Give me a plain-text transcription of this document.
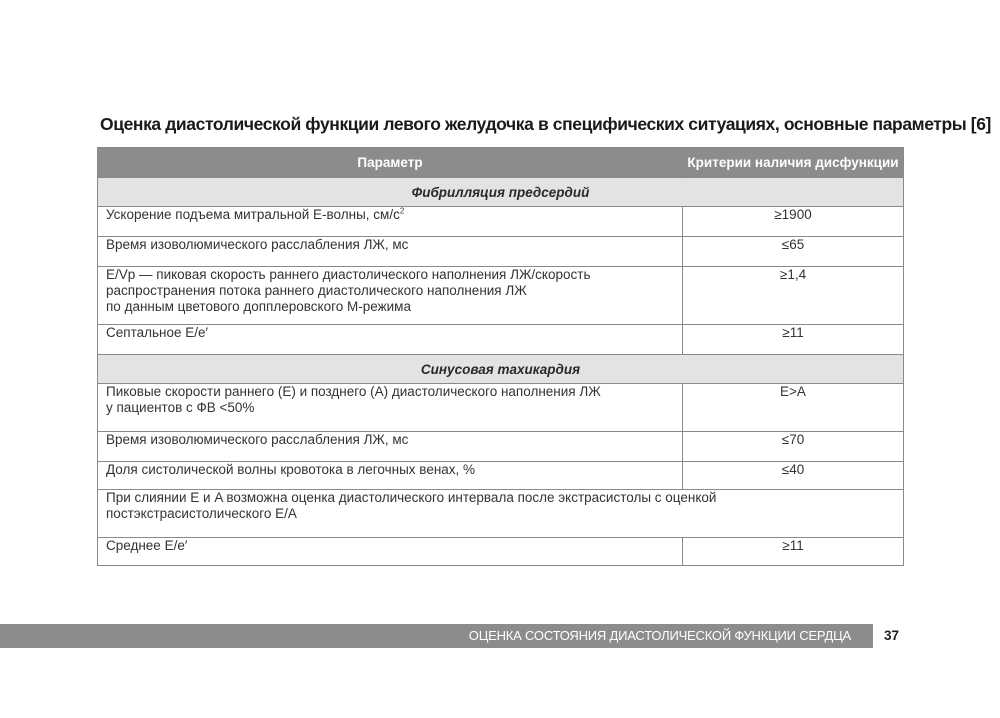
Оценка диастолической функции левого желудочка в специфических ситуациях, основные параметры [6]
Параметр	Критерии наличия дисфункции
Фибрилляция предсердий	
Ускорение подъема митральной Е-волны, $см/с^2$	≥1900
Время изоволюмического расслабления ЛЖ, мс	≤65

E/Vp — пиковая скорость раннего диастолического наполнения ЛЖ/скорость
распространения потока раннего диастолического наполнения ЛЖ
по данным цветового допплеровского М-режима	≥1,4
Септальное E/e′	≥11
Синусовая тахикардия	

Пиковые скорости раннего (E) и позднего (A) диастолического наполнения ЛЖ
у пациентов с ФВ <50%	E>A
Время изоволюмического расслабления ЛЖ, мс	≤70
Доля систолической волны кровотока в легочных венах, %	≤40

При слиянии E и A возможна оценка диастолического интервала после экстрасистолы с оценкой
постэкстрасистолического E/A	

Среднее E/e′	≥11
ОЦЕНКА СОСТОЯНИЯ ДИАСТОЛИЧЕСКОЙ ФУНКЦИИ СЕРДЦА 37
